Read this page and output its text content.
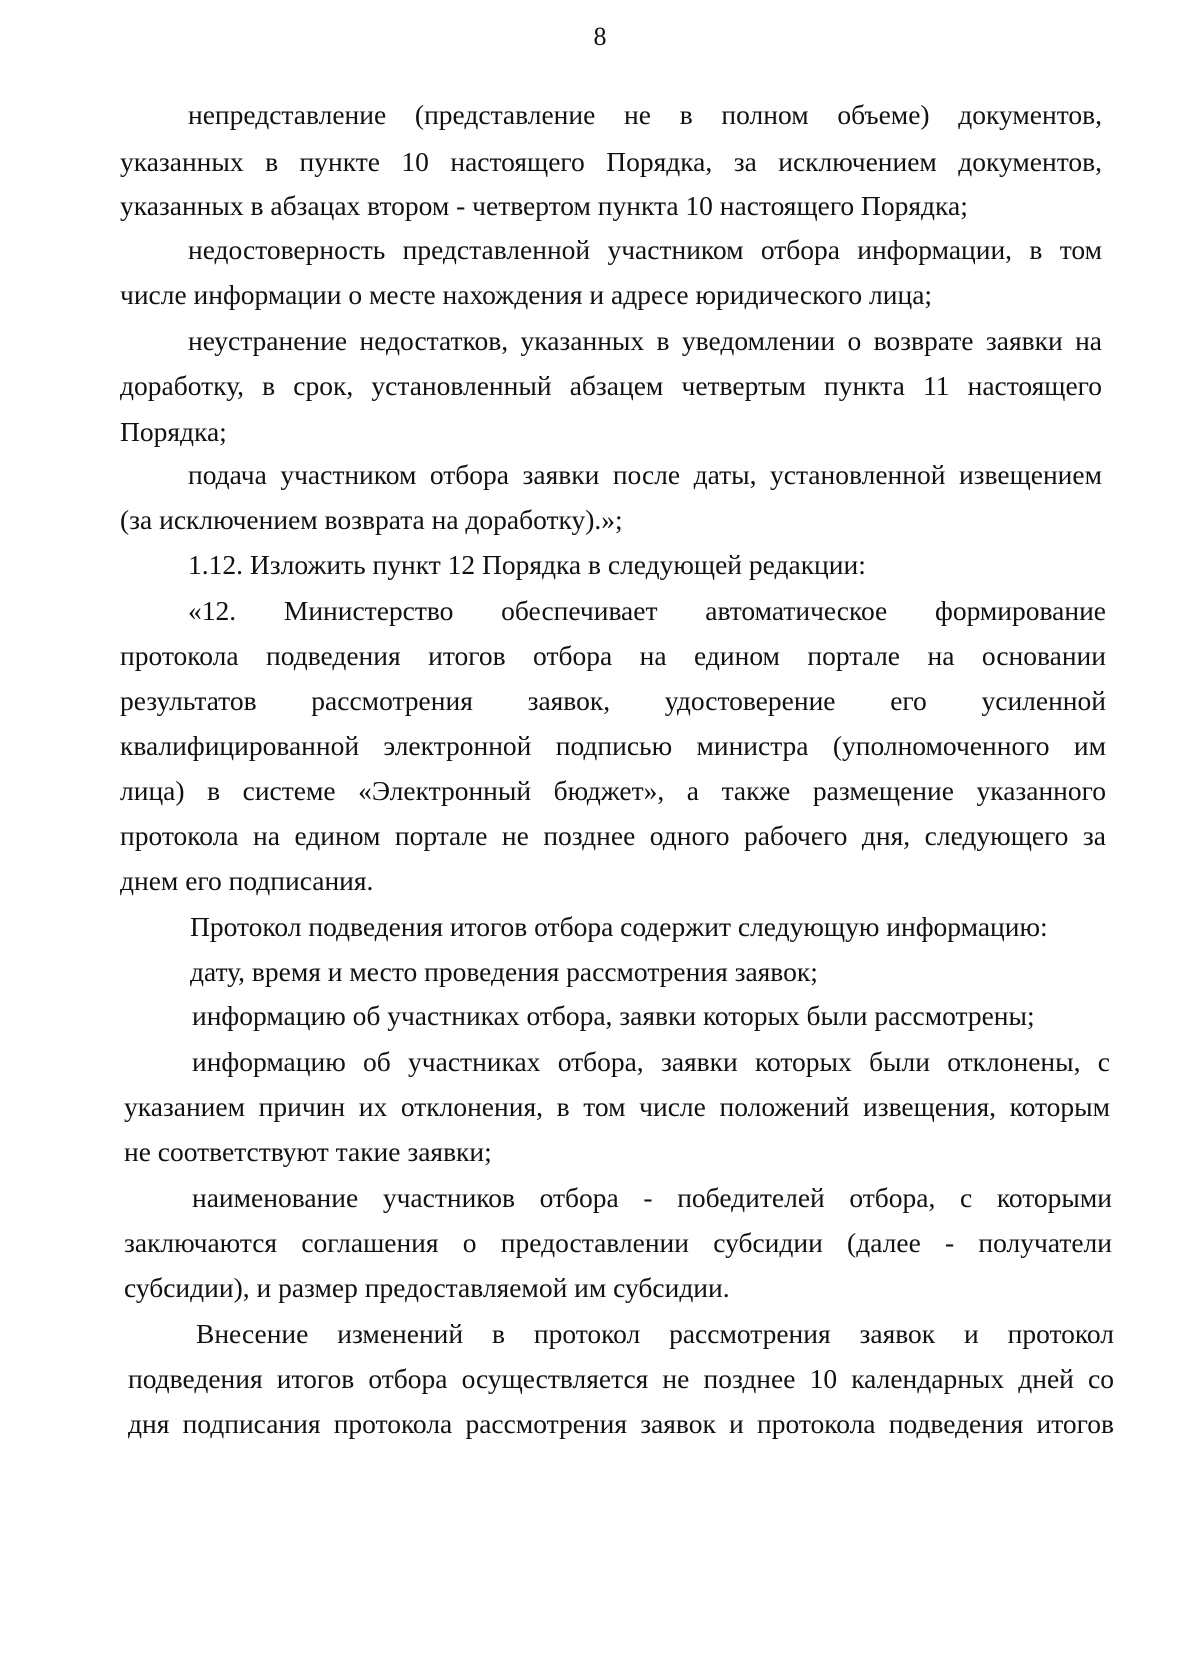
8
непредставление (представление не в полном объеме) документов,
указанных в пункте 10 настоящего Порядка, за исключением документов,
указанных в абзацах втором - четвертом пункта 10 настоящего Порядка;
недостоверность представленной участником отбора информации, в том
числе информации о месте нахождения и адресе юридического лица;
неустранение недостатков, указанных в уведомлении о возврате заявки на
доработку, в срок, установленный абзацем четвертым пункта 11 настоящего
Порядка;
подача участником отбора заявки после даты, установленной извещением
(за исключением возврата на доработку).»;
1.12. Изложить пункт 12 Порядка в следующей редакции:
«12. Министерство обеспечивает автоматическое формирование
протокола подведения итогов отбора на едином портале на основании
результатов рассмотрения заявок, удостоверение его усиленной
квалифицированной электронной подписью министра (уполномоченного им
лица) в системе «Электронный бюджет», а также размещение указанного
протокола на едином портале не позднее одного рабочего дня, следующего за
днем его подписания.
Протокол подведения итогов отбора содержит следующую информацию:
дату, время и место проведения рассмотрения заявок;
информацию об участниках отбора, заявки которых были рассмотрены;
информацию об участниках отбора, заявки которых были отклонены, с
указанием причин их отклонения, в том числе положений извещения, которым
не соответствуют такие заявки;
наименование участников отбора - победителей отбора, с которыми
заключаются соглашения о предоставлении субсидии (далее - получатели
субсидии), и размер предоставляемой им субсидии.
Внесение изменений в протокол рассмотрения заявок и протокол
подведения итогов отбора осуществляется не позднее 10 календарных дней со
дня подписания протокола рассмотрения заявок и протокола подведения итогов
